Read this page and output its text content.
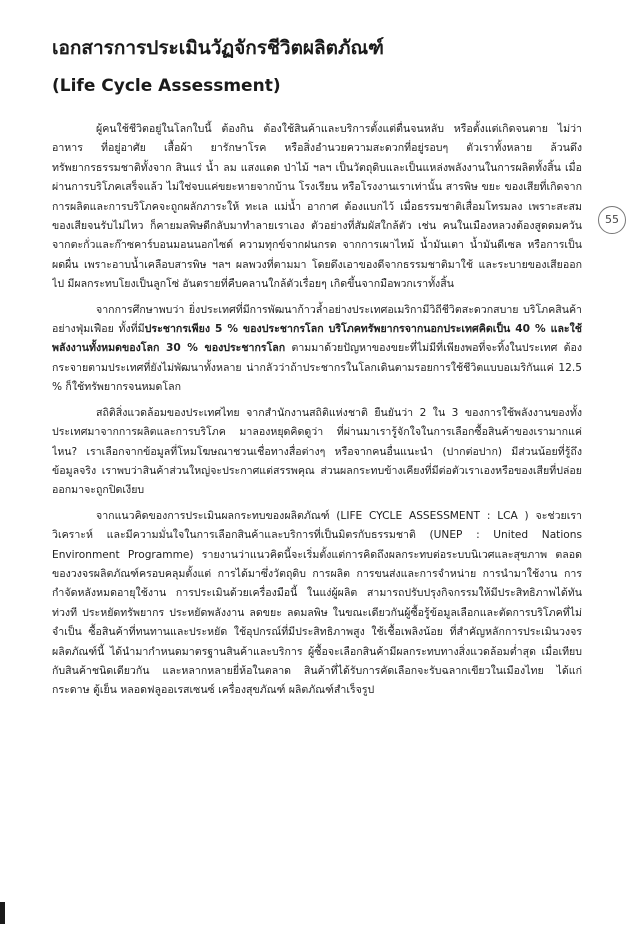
เอกสารการประเมินวัฏจักรชีวิตผลิตภัณฑ์
(Life Cycle Assessment)
55

ผู้คนใช้ชีวิตอยู่ในโลกใบนี้ ต้องกิน ต้องใช้สินค้าและบริการตั้งแต่ตื่นจนหลับ หรือตั้งแต่เกิดจนตาย ไม่ว่า อาหาร ที่อยู่อาศัย เสื้อผ้า ยารักษาโรค หรือสิ่งอำนวยความสะดวกที่อยู่รอบๆ ตัวเราทั้งหลาย ล้วนดึงทรัพยากรธรรมชาติทั้งจาก สินแร่ น้ำ ลม แสงแดด ป่าไม้ ฯลฯ เป็นวัตถุดิบและเป็นแหล่งพลังงานในการผลิตทั้งสิ้น เมื่อผ่านการบริโภคเสร็จแล้ว ไม่ใช่จบแค่ขยะหายจากบ้าน โรงเรียน หรือโรงงานเราเท่านั้น สารพิษ ขยะ ของเสียที่เกิดจากการผลิตและการบริโภคจะถูกผลักภาระให้ ทะเล แม่น้ำ อากาศ ต้องแบกไว้ เมื่อธรรมชาติเสื่อมโทรมลง เพราะสะสมของเสียจนรับไม่ไหว ก็คายมลพิษดีกลับมาทำลายเราเอง ตัวอย่างที่สัมผัสใกล้ตัว เช่น คนในเมืองหลวงต้องสูดดมควันจากตะกั่วและก๊าซคาร์บอนมอนนอกไซด์ ความทุกข์จากฝนกรด จากการเผาไหม้ น้ำมันเตา น้ำมันดีเซล หรือการเป็นผดผื่น เพราะอาบน้ำเคลือบสารพิษ ฯลฯ ผลพวงที่ตามมา โดยดึงเอาของดีจากธรรมชาติมาใช้ และระบายของเสียออกไป มีผลกระทบโยงเป็นลูกโซ่ อันตรายที่คืบคลานใกล้ตัวเรื่อยๆ เกิดขึ้นจากมือพวกเราทั้งสิ้น

จากการศึกษาพบว่า ยิ่งประเทศที่มีการพัฒนาก้าวล้ำอย่างประเทศอเมริกามีวิถีชีวิตสะดวกสบาย บริโภคสินค้าอย่างฟุ่มเฟือย ทั้งที่มีประชากรเพียง 5 % ของประชากรโลก บริโภคทรัพยากรจากนอกประเทศคิดเป็น 40 % และใช้พลังงานทั้งหมดของโลก 30 % ของประชากรโลก ตามมาด้วยปัญหาของขยะที่ไม่มีที่เพียงพอที่จะทิ้งในประเทศ ต้องกระจายตามประเทศที่ยังไม่พัฒนาทั้งหลาย น่ากลัวว่าถ้าประชากรในโลกเดินตามรอยการใช้ชีวิตแบบอเมริกันแค่ 12.5 % ก็ใช้ทรัพยากรจนหมดโลก

สถิติสิ่งแวดล้อมของประเทศไทย จากสำนักงานสถิติแห่งชาติ ยืนยันว่า 2 ใน 3 ของการใช้พลังงานของทั้งประเทศมาจากการผลิตและการบริโภค มาลองหยุดคิดดูว่า ที่ผ่านมาเรารู้จักใจในการเลือกซื้อสินค้าของเรามากแค่ไหน? เราเลือกจากข้อมูลที่โหมโฆษณาชวนเชื่อทางสื่อต่างๆ หรือจากคนอื่นแนะนำ (ปากต่อปาก) มีส่วนน้อยที่รู้ถึงข้อมูลจริง เราพบว่าสินค้าส่วนใหญ่จะประกาศแต่สรรพคุณ ส่วนผลกระทบข้างเคียงที่มีต่อตัวเราเองหรือของเสียที่ปล่อยออกมาจะถูกปิดเงียบ

จากแนวคิดของการประเมินผลกระทบของผลิตภัณฑ์ (LIFE CYCLE ASSESSMENT : LCA ) จะช่วยเราวิเคราะห์ และมีความมั่นใจในการเลือกสินค้าและบริการที่เป็นมิตรกับธรรมชาติ (UNEP : United Nations Environment Programme) รายงานว่าแนวคิดนี้จะเริ่มตั้งแต่การคิดถึงผลกระทบต่อระบบนิเวศและสุขภาพ ตลอดของวงจรผลิตภัณฑ์ครอบคลุมตั้งแต่ การได้มาซึ่งวัตถุดิบ การผลิต การขนส่งและการจำหน่าย การนำมาใช้งาน การกำจัดหลังหมดอายุใช้งาน การประเมินด้วยเครื่องมือนี้ ในแง่ผู้ผลิต สามารถปรับปรุงกิจกรรมให้มีประสิทธิภาพได้ทันท่วงที ประหยัดทรัพยากร ประหยัดพลังงาน ลดขยะ ลดมลพิษ ในขณะเดียวกันผู้ซื้อรู้ข้อมูลเลือกและตัดการบริโภคที่ไม่จำเป็น ซื้อสินค้าที่ทนทานและประหยัด ใช้อุปกรณ์ที่มีประสิทธิภาพสูง ใช้เชื้อเพลิงน้อย ที่สำคัญหลักการประเมินวงจรผลิตภัณฑ์นี้ ได้นำมากำหนดมาตรฐานสินค้าและบริการ ผู้ซื้อจะเลือกสินค้ามีผลกระทบทางสิ่งแวดล้อมต่ำสุด เมื่อเทียบกับสินค้าชนิดเดียวกัน และหลากหลายยี่ห้อในตลาด สินค้าที่ได้รับการคัดเลือกจะรับฉลากเขียวในเมืองไทย ได้แก่ กระดาษ ตู้เย็น หลอดฟลูออเรสเซนซ์ เครื่องสุขภัณฑ์ ผลิตภัณฑ์สำเร็จรูป
